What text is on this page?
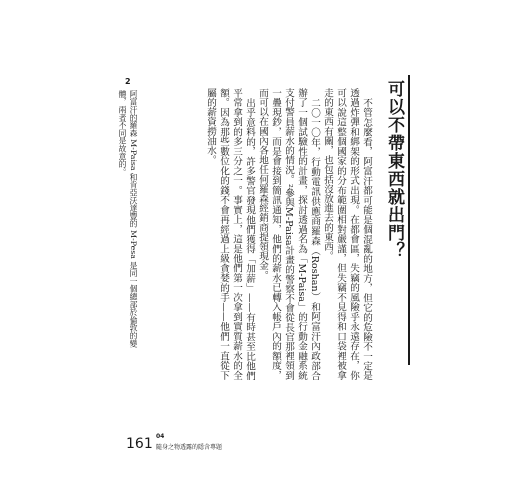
可以不帶東西就出門？

不管怎麼看，阿富汗都可能是個混亂的地方，但它的危險不一定是透過炸彈和綁架的形式出現。在都會區，失竊的風險乎永遠存在，你可以說這整個國家的分布範圍相對嚴謹，但失竊不見得和口袋裡被拿走的東西有關，也包括沒放進去的東西。

二〇一〇年，行動電訊供應商羅森（Roshan）和阿富汗內政部合辦了一個試驗性的計畫，探討透過名為「M-Paisa」的行動金融系統支付警員薪水的情況。²參與M-Paisa計畫的警察不會從長官那裡領到一疊現鈔，而是會接到簡訊通知，他們的薪水已轉入帳戶內的額度，而可以在國內各地任何羅森經銷商提領現金。

出乎意料的，許多警官發現他們獲得「加薪」——有時甚至比他們平常拿到的多三分之一。事實上，這是他們第一次拿到實質薪水的全額。因為那些數位化的錢不會再經過上級貪婪的手——他們一直從下屬的薪資撈油水。

2
阿富汗的羅森 M-Paisa 和肯亞沃達豐的 M-Pesa 是同一個總部於倫敦的變體，兩者不同是故意的。
161 04
隨身之物透露的隱含專題
